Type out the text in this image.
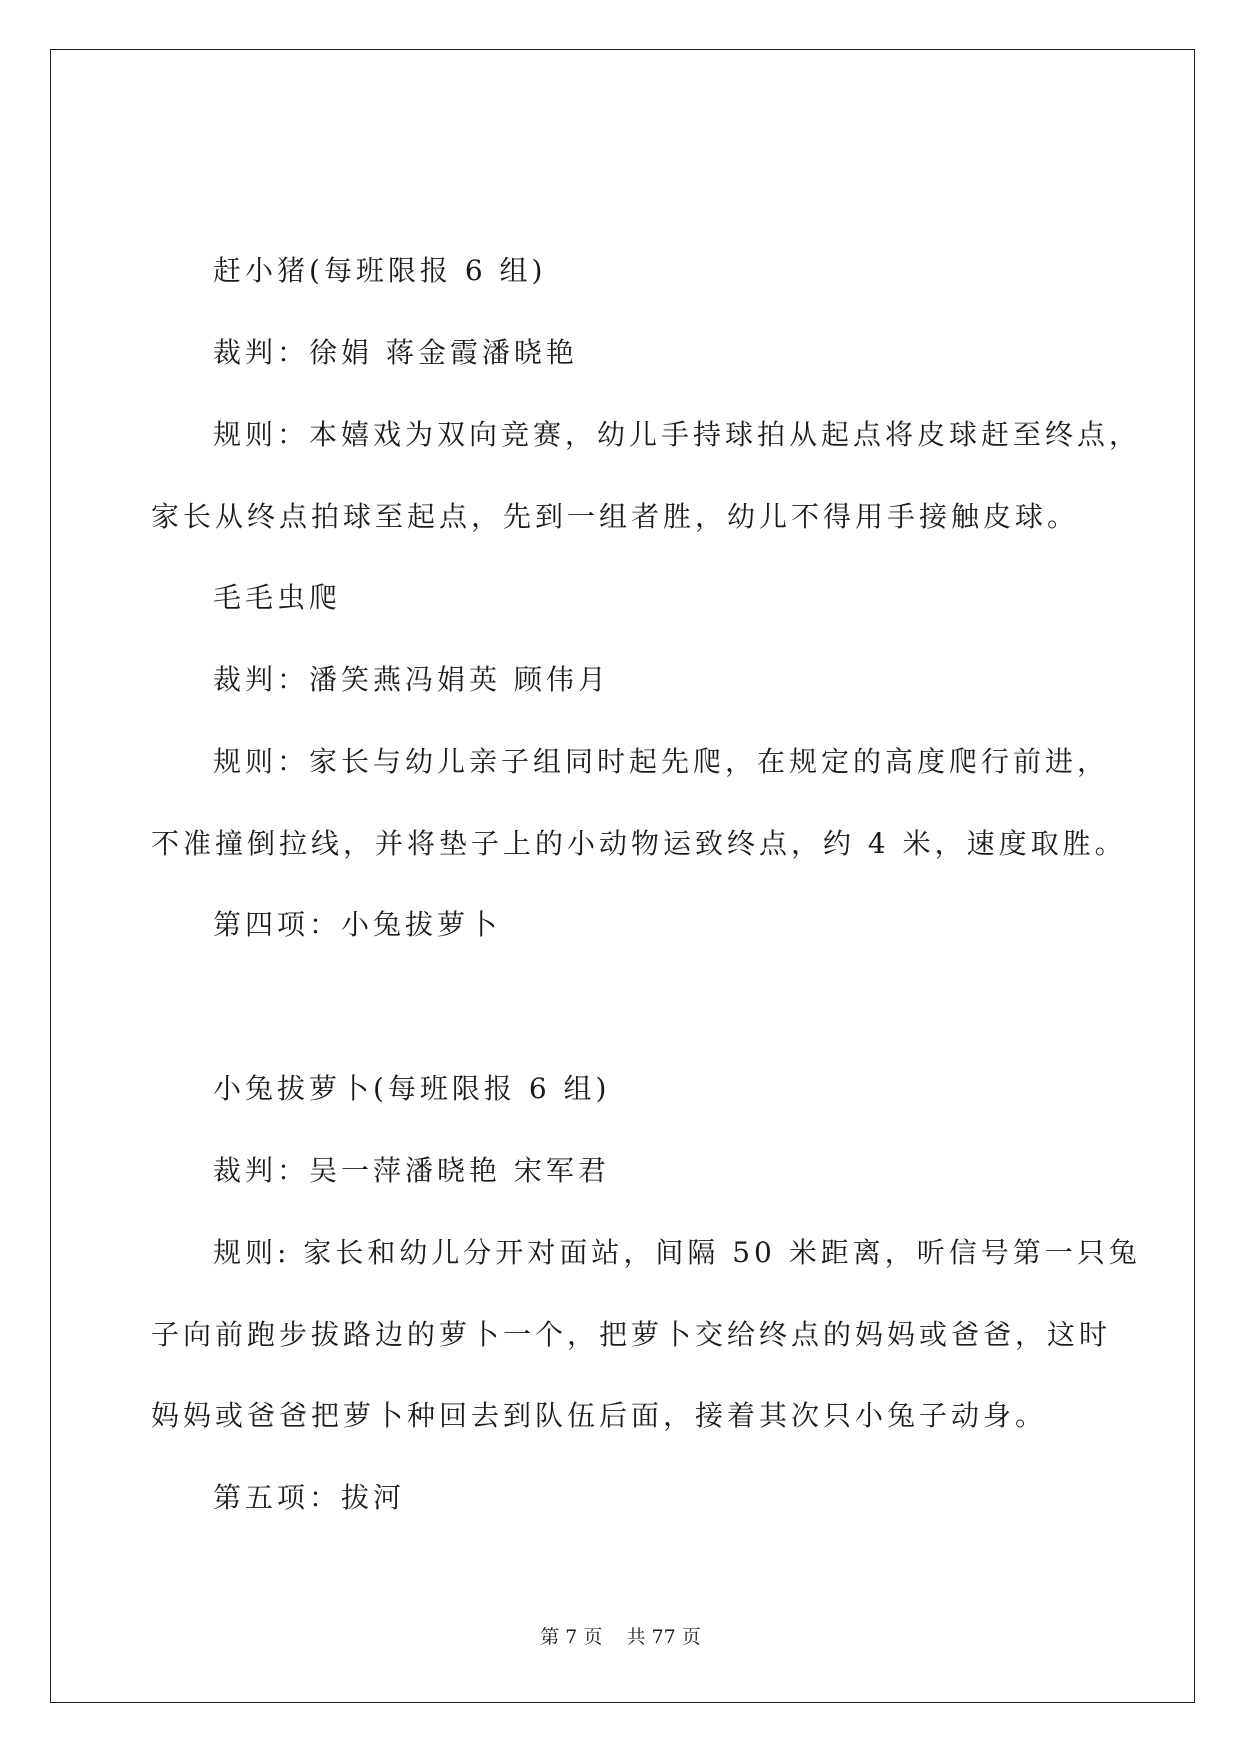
赶小猪(每班限报 6 组)

裁判：徐娟 蒋金霞潘晓艳

规则：本嬉戏为双向竞赛，幼儿手持球拍从起点将皮球赶至终点，

家长从终点拍球至起点，先到一组者胜，幼儿不得用手接触皮球。

毛毛虫爬

裁判：潘笑燕冯娟英 顾伟月

规则：家长与幼儿亲子组同时起先爬，在规定的高度爬行前进，

不准撞倒拉线，并将垫子上的小动物运致终点，约 4 米，速度取胜。

第四项：小兔拔萝卜

小兔拔萝卜(每班限报 6 组)

裁判：吴一萍潘晓艳 宋军君

规则: 家长和幼儿分开对面站，间隔 50 米距离，听信号第一只兔

子向前跑步拔路边的萝卜一个，把萝卜交给终点的妈妈或爸爸，这时

妈妈或爸爸把萝卜种回去到队伍后面，接着其次只小兔子动身。

第五项：拔河

第 7 页    共 77 页
